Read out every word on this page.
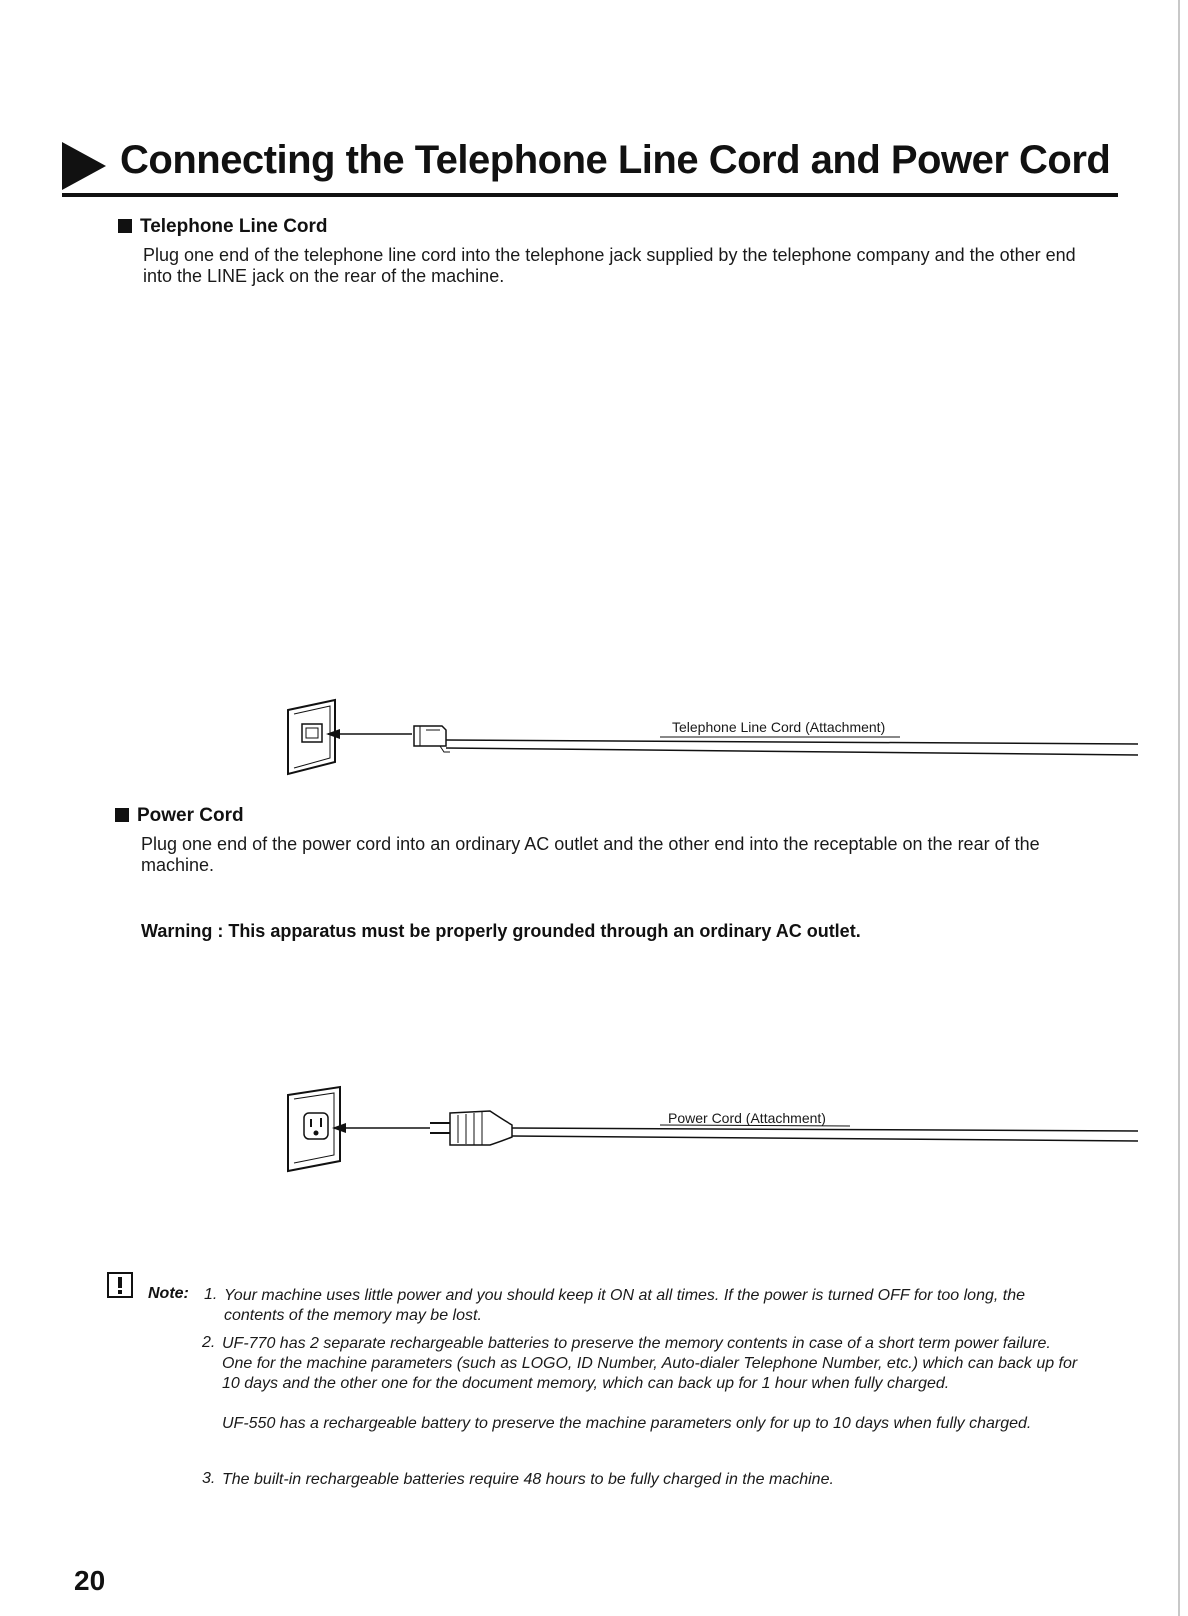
Connecting the Telephone Line Cord and Power Cord
Telephone Line Cord
Plug one end of the telephone line cord into the telephone jack supplied by the telephone company and the other end into the LINE jack on the rear of the machine.
Telephone Line Cord (Attachment)
Power Cord
Plug one end of the power cord into an ordinary AC outlet and the other end into the receptable on the rear of the machine.
Warning : This apparatus must be properly grounded through an ordinary AC outlet.
Power Cord (Attachment)
Note: 1. Your machine uses little power and you should keep it ON at all times. If the power is turned OFF for too long, the contents of the memory may be lost.
2. UF-770 has 2 separate rechargeable batteries to preserve the memory contents in case of a short term power failure. One for the machine parameters (such as LOGO, ID Number, Auto-dialer Telephone Number, etc.) which can back up for 10 days and the other one for the document memory, which can back up for 1 hour when fully charged.
UF-550 has a rechargeable battery to preserve the machine parameters only for up to 10 days when fully charged.
3. The built-in rechargeable batteries require 48 hours to be fully charged in the machine.
20
